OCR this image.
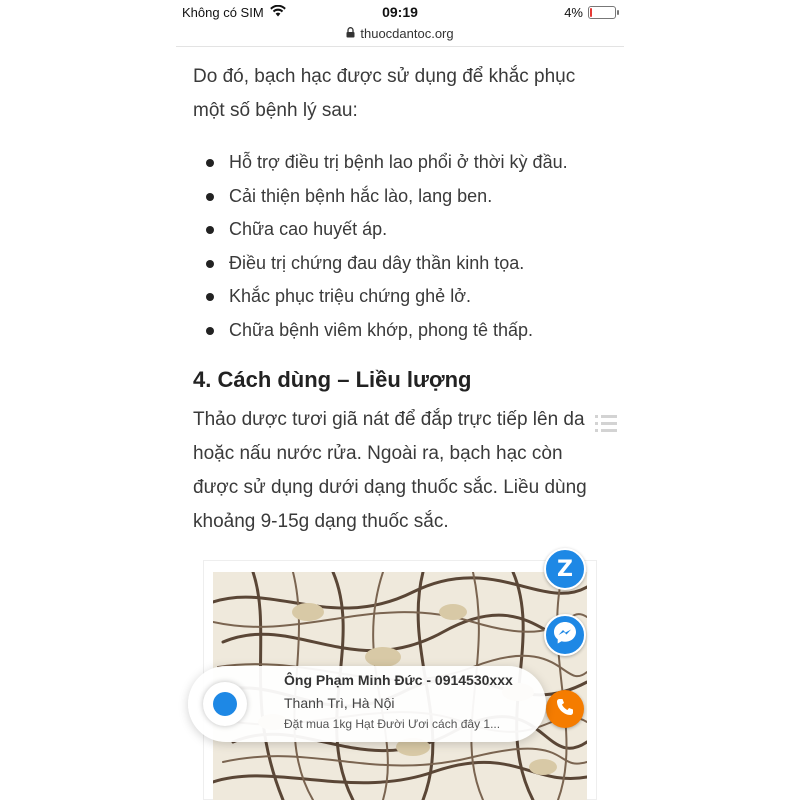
Không có SIM	09:19	4%
thuocdantoc.org

Do đó, bạch hạc được sử dụng để khắc phục một số bệnh lý sau:

Hỗ trợ điều trị bệnh lao phổi ở thời kỳ đầu.
Cải thiện bệnh hắc lào, lang ben.
Chữa cao huyết áp.
Điều trị chứng đau dây thần kinh tọa.
Khắc phục triệu chứng ghẻ lở.
Chữa bệnh viêm khớp, phong tê thấp.
4. Cách dùng – Liều lượng

Thảo dược tươi giã nát để đắp trực tiếp lên da hoặc nấu nước rửa. Ngoài ra, bạch hạc còn được sử dụng dưới dạng thuốc sắc. Liều dùng khoảng 9-15g dạng thuốc sắc.

Z
Ông Phạm Minh Đức - 0914530xxx
Thanh Trì, Hà Nội
Đặt mua 1kg Hạt Đười Ươi cách đây 1...
